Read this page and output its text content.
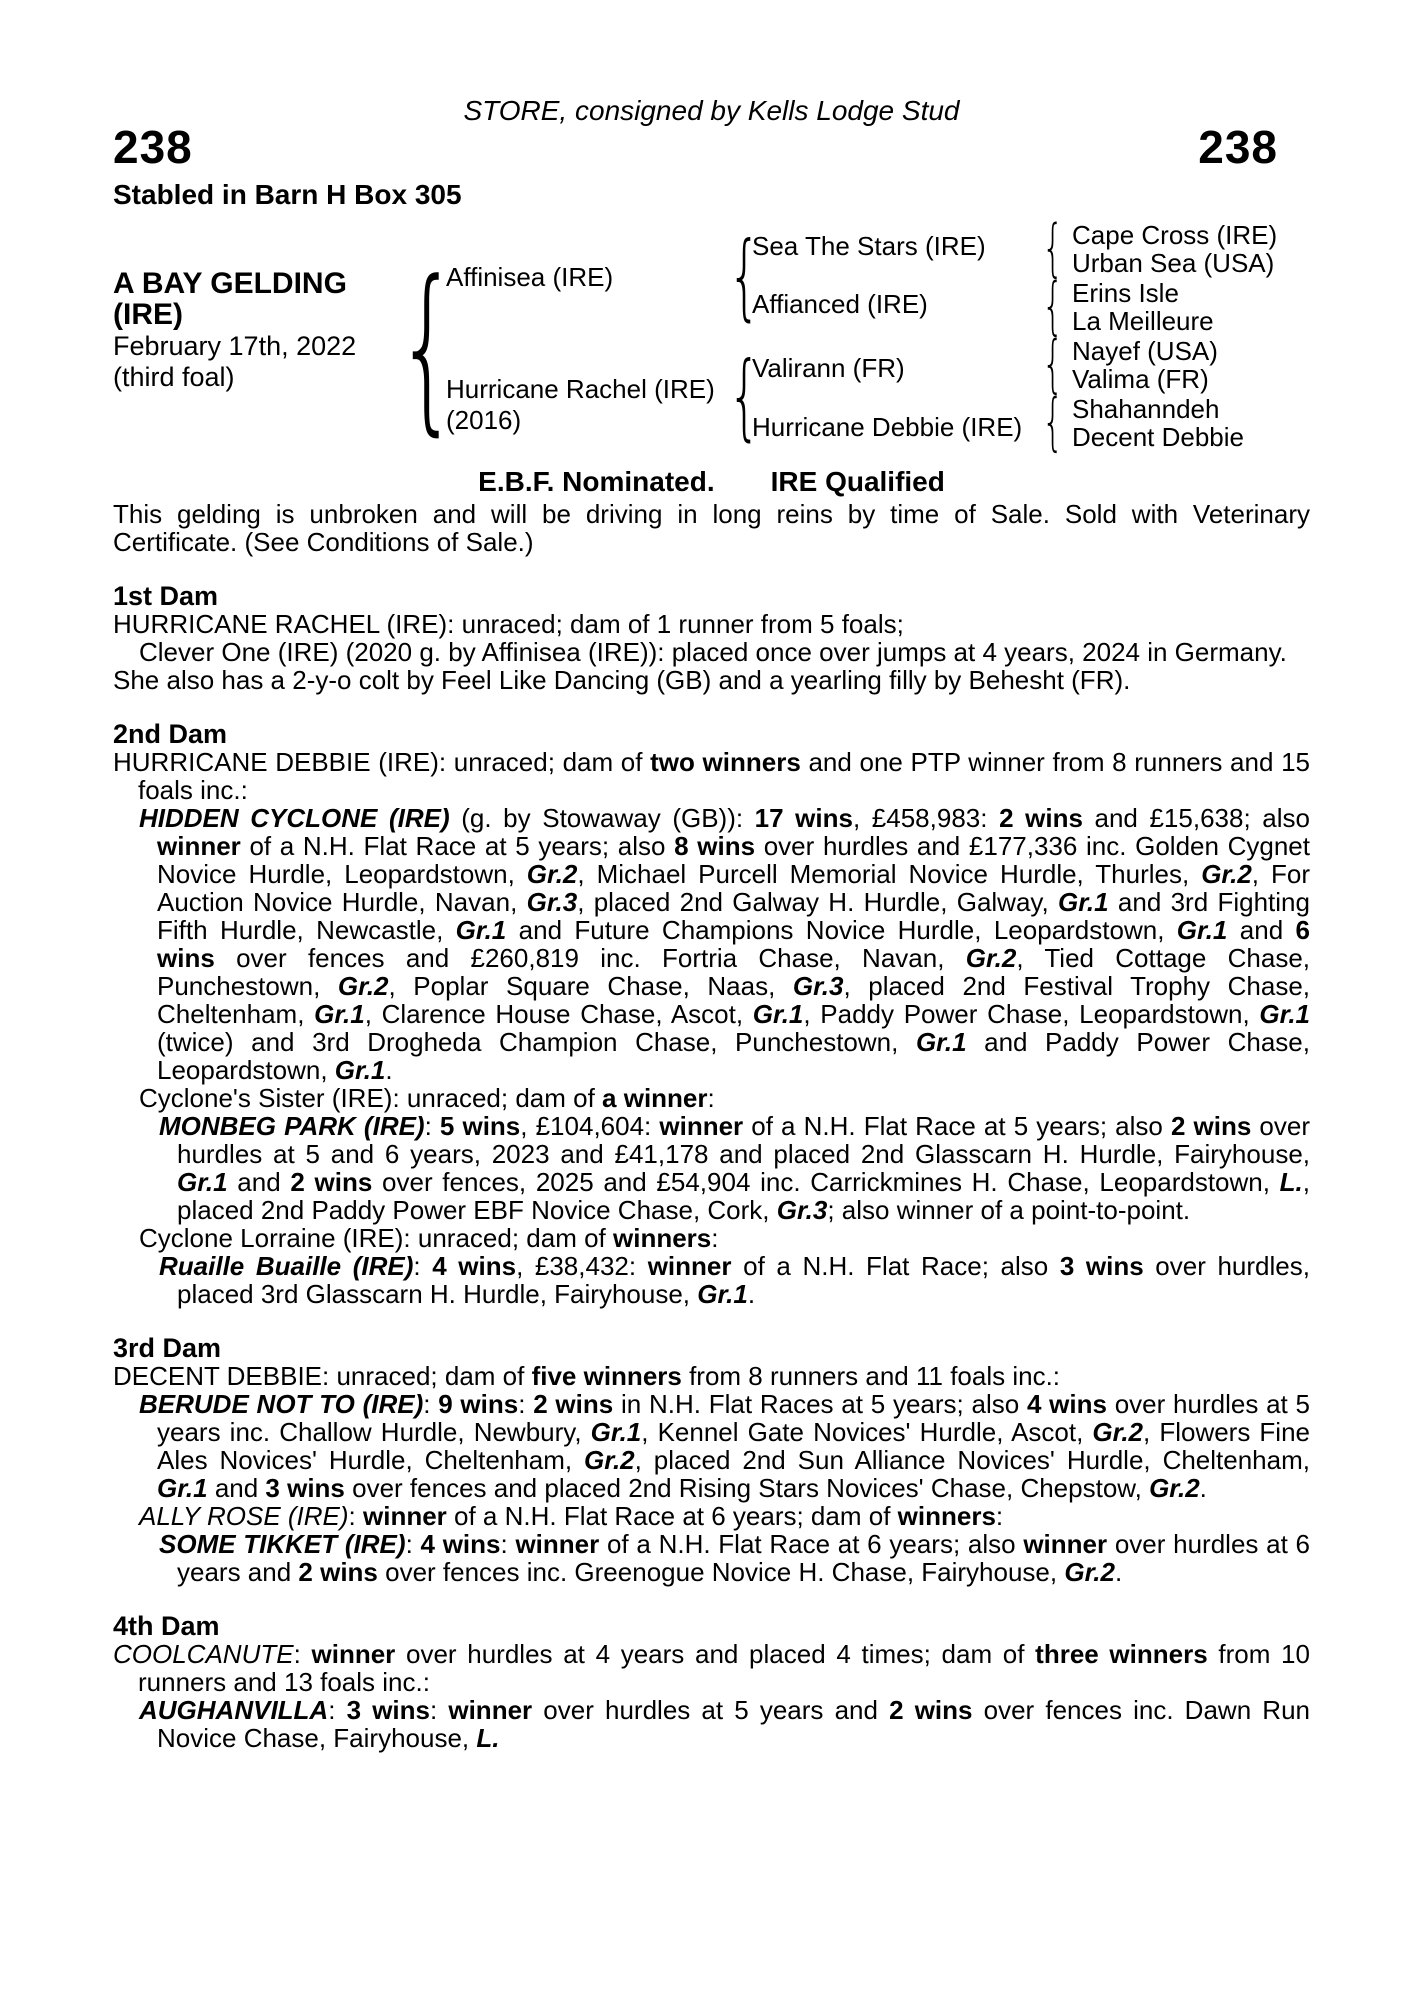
STORE, consigned by Kells Lodge Stud
238	238
Stabled in Barn H Box 305
A BAY GELDING
(IRE)
February 17th, 2022
(third foal)
{
Affinisea (IRE)
Hurricane Rachel (IRE)
(2016)
{
{
Sea The Stars (IRE)
Affianced (IRE)
Valirann (FR)
Hurricane Debbie (IRE)
{
{
{
{
Cape Cross (IRE)
Urban Sea (USA)
Erins Isle
La Meilleure
Nayef (USA)
Valima (FR)
Shahanndeh
Decent Debbie
E.B.F. Nominated. IRE Qualified

This gelding is unbroken and will be driving in long reins by time of Sale. Sold with Veterinary Certificate. (See Conditions of Sale.)

1st Dam

HURRICANE RACHEL (IRE): unraced; dam of 1 runner from 5 foals;

Clever One (IRE) (2020 g. by Affinisea (IRE)): placed once over jumps at 4 years, 2024 in Germany.

She also has a 2-y-o colt by Feel Like Dancing (GB) and a yearling filly by Behesht (FR).

2nd Dam

HURRICANE DEBBIE (IRE): unraced; dam of two winners and one PTP winner from 8 runners and 15 foals inc.:

HIDDEN CYCLONE (IRE) (g. by Stowaway (GB)): 17 wins, £458,983: 2 wins and £15,638; also winner of a N.H. Flat Race at 5 years; also 8 wins over hurdles and £177,336 inc. Golden Cygnet Novice Hurdle, Leopardstown, Gr.2, Michael Purcell Memorial Novice Hurdle, Thurles, Gr.2, For Auction Novice Hurdle, Navan, Gr.3, placed 2nd Galway H. Hurdle, Galway, Gr.1 and 3rd Fighting Fifth Hurdle, Newcastle, Gr.1 and Future Champions Novice Hurdle, Leopardstown, Gr.1 and 6 wins over fences and £260,819 inc. Fortria Chase, Navan, Gr.2, Tied Cottage Chase, Punchestown, Gr.2, Poplar Square Chase, Naas, Gr.3, placed 2nd Festival Trophy Chase, Cheltenham, Gr.1, Clarence House Chase, Ascot, Gr.1, Paddy Power Chase, Leopardstown, Gr.1 (twice) and 3rd Drogheda Champion Chase, Punchestown, Gr.1 and Paddy Power Chase, Leopardstown, Gr.1.

Cyclone's Sister (IRE): unraced; dam of a winner:

MONBEG PARK (IRE): 5 wins, £104,604: winner of a N.H. Flat Race at 5 years; also 2 wins over hurdles at 5 and 6 years, 2023 and £41,178 and placed 2nd Glasscarn H. Hurdle, Fairyhouse, Gr.1 and 2 wins over fences, 2025 and £54,904 inc. Carrickmines H. Chase, Leopardstown, L., placed 2nd Paddy Power EBF Novice Chase, Cork, Gr.3; also winner of a point-to-point.

Cyclone Lorraine (IRE): unraced; dam of winners:

Ruaille Buaille (IRE): 4 wins, £38,432: winner of a N.H. Flat Race; also 3 wins over hurdles, placed 3rd Glasscarn H. Hurdle, Fairyhouse, Gr.1.

3rd Dam

DECENT DEBBIE: unraced; dam of five winners from 8 runners and 11 foals inc.:

BERUDE NOT TO (IRE): 9 wins: 2 wins in N.H. Flat Races at 5 years; also 4 wins over hurdles at 5 years inc. Challow Hurdle, Newbury, Gr.1, Kennel Gate Novices' Hurdle, Ascot, Gr.2, Flowers Fine Ales Novices' Hurdle, Cheltenham, Gr.2, placed 2nd Sun Alliance Novices' Hurdle, Cheltenham, Gr.1 and 3 wins over fences and placed 2nd Rising Stars Novices' Chase, Chepstow, Gr.2.

ALLY ROSE (IRE): winner of a N.H. Flat Race at 6 years; dam of winners:

SOME TIKKET (IRE): 4 wins: winner of a N.H. Flat Race at 6 years; also winner over hurdles at 6 years and 2 wins over fences inc. Greenogue Novice H. Chase, Fairyhouse, Gr.2.

4th Dam

COOLCANUTE: winner over hurdles at 4 years and placed 4 times; dam of three winners from 10 runners and 13 foals inc.:

AUGHANVILLA: 3 wins: winner over hurdles at 5 years and 2 wins over fences inc. Dawn Run Novice Chase, Fairyhouse, L.
